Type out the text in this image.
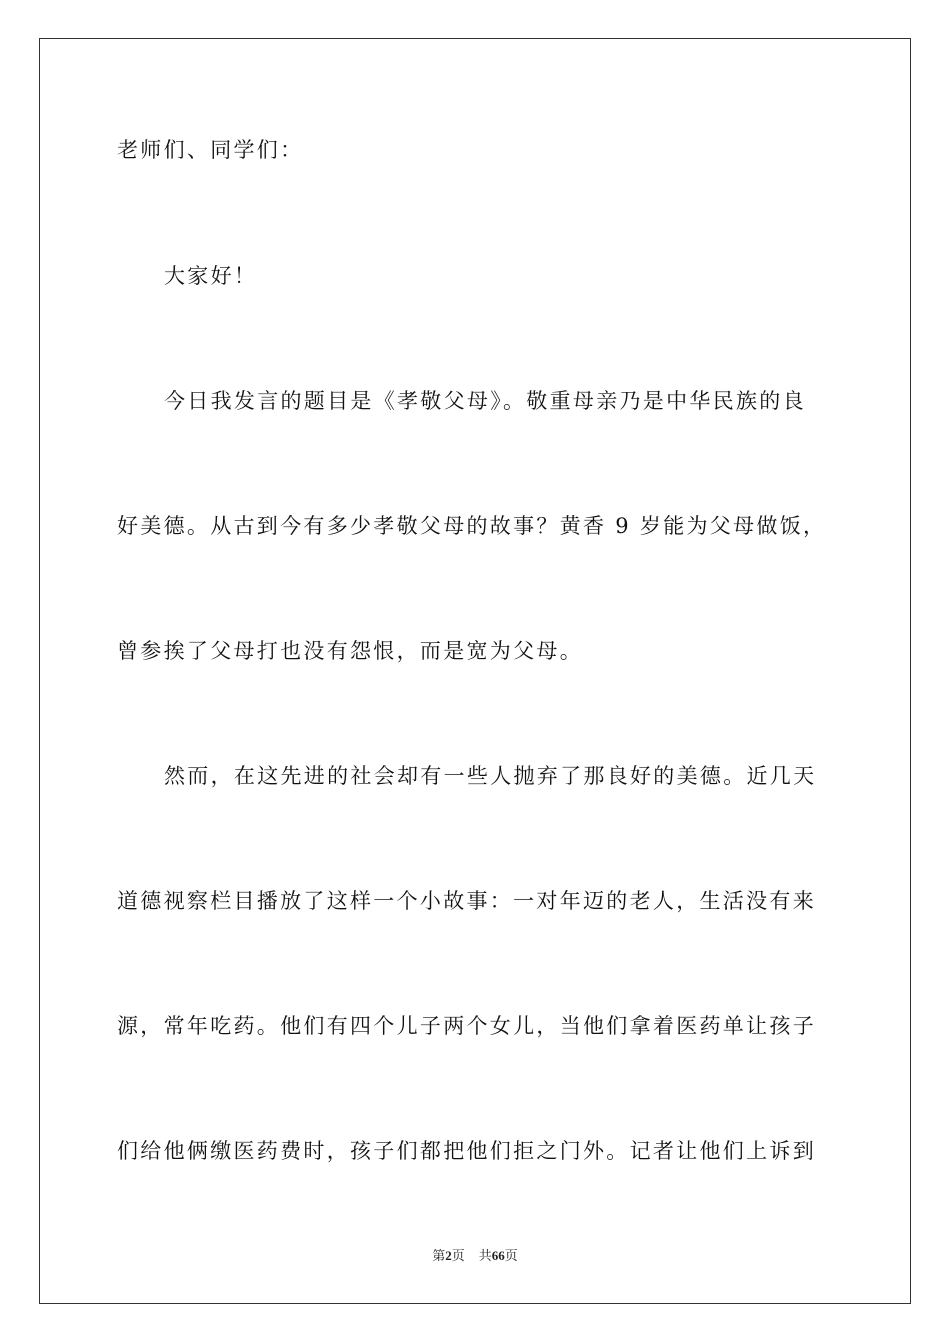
老师们、同学们：
大家好！
今日我发言的题目是《孝敬父母》。敬重母亲乃是中华民族的良
好美德。从古到今有多少孝敬父母的故事？黄香 9 岁能为父母做饭，
曾参挨了父母打也没有怨恨，而是宽为父母。
然而，在这先进的社会却有一些人抛弃了那良好的美德。近几天
道德视察栏目播放了这样一个小故事：一对年迈的老人，生活没有来
源，常年吃药。他们有四个儿子两个女儿，当他们拿着医药单让孩子
们给他俩缴医药费时，孩子们都把他们拒之门外。记者让他们上诉到
第2页 共66页
